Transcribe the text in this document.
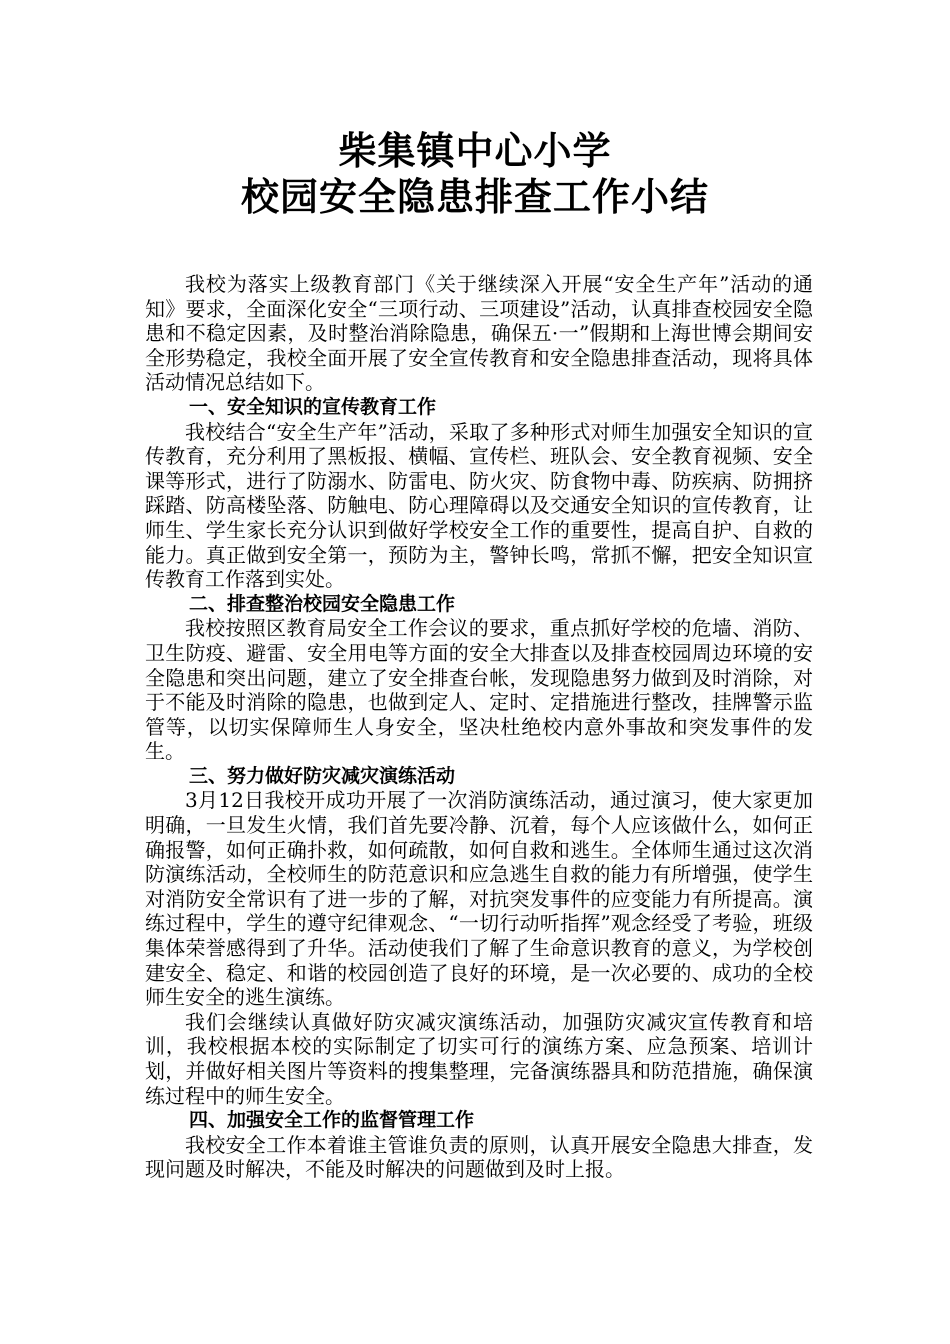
柴集镇中心小学

校园安全隐患排查工作小结

我校为落实上级教育部门《关于继续深入开展“安全生产年”活动的通知》要求，全面深化安全“三项行动、三项建设”活动，认真排查校园安全隐患和不稳定因素，及时整治消除隐患，确保五·一”假期和上海世博会期间安全形势稳定，我校全面开展了安全宣传教育和安全隐患排查活动，现将具体活动情况总结如下。

一、安全知识的宣传教育工作

我校结合“安全生产年”活动，采取了多种形式对师生加强安全知识的宣传教育，充分利用了黑板报、横幅、宣传栏、班队会、安全教育视频、安全课等形式，进行了防溺水、防雷电、防火灾、防食物中毒、防疾病、防拥挤踩踏、防高楼坠落、防触电、防心理障碍以及交通安全知识的宣传教育，让师生、学生家长充分认识到做好学校安全工作的重要性，提高自护、自救的能力。真正做到安全第一，预防为主，警钟长鸣，常抓不懈，把安全知识宣传教育工作落到实处。

二、排查整治校园安全隐患工作

我校按照区教育局安全工作会议的要求，重点抓好学校的危墙、消防、卫生防疫、避雷、安全用电等方面的安全大排查以及排查校园周边环境的安全隐患和突出问题，建立了安全排查台帐，发现隐患努力做到及时消除，对于不能及时消除的隐患，也做到定人、定时、定措施进行整改，挂牌警示监管等，以切实保障师生人身安全，坚决杜绝校内意外事故和突发事件的发生。

三、努力做好防灾减灾演练活动

3月12日我校开成功开展了一次消防演练活动，通过演习，使大家更加明确，一旦发生火情，我们首先要冷静、沉着，每个人应该做什么，如何正确报警，如何正确扑救，如何疏散，如何自救和逃生。全体师生通过这次消防演练活动，全校师生的防范意识和应急逃生自救的能力有所增强，使学生对消防安全常识有了进一步的了解，对抗突发事件的应变能力有所提高。演练过程中，学生的遵守纪律观念、“一切行动听指挥”观念经受了考验，班级集体荣誉感得到了升华。活动使我们了解了生命意识教育的意义，为学校创建安全、稳定、和谐的校园创造了良好的环境，是一次必要的、成功的全校师生安全的逃生演练。

我们会继续认真做好防灾减灾演练活动，加强防灾减灾宣传教育和培训，我校根据本校的实际制定了切实可行的演练方案、应急预案、培训计划，并做好相关图片等资料的搜集整理，完备演练器具和防范措施，确保演练过程中的师生安全。

四、加强安全工作的监督管理工作

我校安全工作本着谁主管谁负责的原则，认真开展安全隐患大排查，发现问题及时解决，不能及时解决的问题做到及时上报。
